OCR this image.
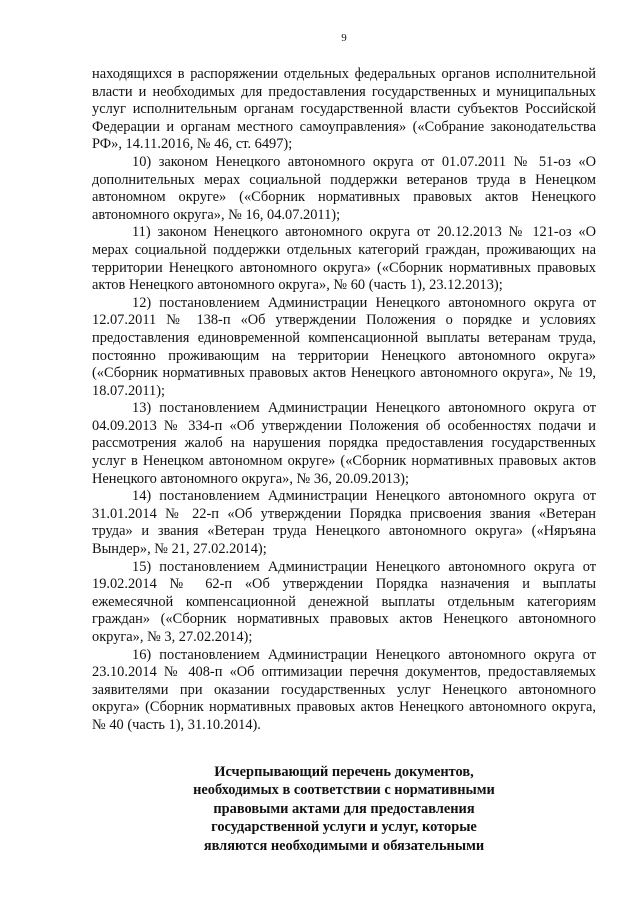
9

находящихся в распоряжении отдельных федеральных органов исполнительной власти и необходимых для предоставления государственных и муниципальных услуг исполнительным органам государственной власти субъектов Российской Федерации и органам местного самоуправления» («Собрание законодательства РФ», 14.11.2016, № 46, ст. 6497);

10) законом Ненецкого автономного округа от 01.07.2011 № 51-оз «О дополнительных мерах социальной поддержки ветеранов труда в Ненецком автономном округе» («Сборник нормативных правовых актов Ненецкого автономного округа», № 16, 04.07.2011);

11) законом Ненецкого автономного округа от 20.12.2013 № 121-оз «О мерах социальной поддержки отдельных категорий граждан, проживающих на территории Ненецкого автономного округа» («Сборник нормативных правовых актов Ненецкого автономного округа», № 60 (часть 1), 23.12.2013);

12) постановлением Администрации Ненецкого автономного округа от 12.07.2011 № 138-п «Об утверждении Положения о порядке и условиях предоставления единовременной компенсационной выплаты ветеранам труда, постоянно проживающим на территории Ненецкого автономного округа» («Сборник нормативных правовых актов Ненецкого автономного округа», № 19, 18.07.2011);

13) постановлением Администрации Ненецкого автономного округа от 04.09.2013 № 334-п «Об утверждении Положения об особенностях подачи и рассмотрения жалоб на нарушения порядка предоставления государственных услуг в Ненецком автономном округе» («Сборник нормативных правовых актов Ненецкого автономного округа», № 36, 20.09.2013);

14) постановлением Администрации Ненецкого автономного округа от 31.01.2014 № 22-п «Об утверждении Порядка присвоения звания «Ветеран труда» и звания «Ветеран труда Ненецкого автономного округа» («Няръяна Вындер», № 21, 27.02.2014);

15) постановлением Администрации Ненецкого автономного округа от 19.02.2014 № 62-п «Об утверждении Порядка назначения и выплаты ежемесячной компенсационной денежной выплаты отдельным категориям граждан» («Сборник нормативных правовых актов Ненецкого автономного округа», № 3, 27.02.2014);

16) постановлением Администрации Ненецкого автономного округа от 23.10.2014 № 408-п «Об оптимизации перечня документов, предоставляемых заявителями при оказании государственных услуг Ненецкого автономного округа» (Сборник нормативных правовых актов Ненецкого автономного округа, № 40 (часть 1), 31.10.2014).

Исчерпывающий перечень документов,
необходимых в соответствии с нормативными
правовыми актами для предоставления
государственной услуги и услуг, которые
являются необходимыми и обязательными
